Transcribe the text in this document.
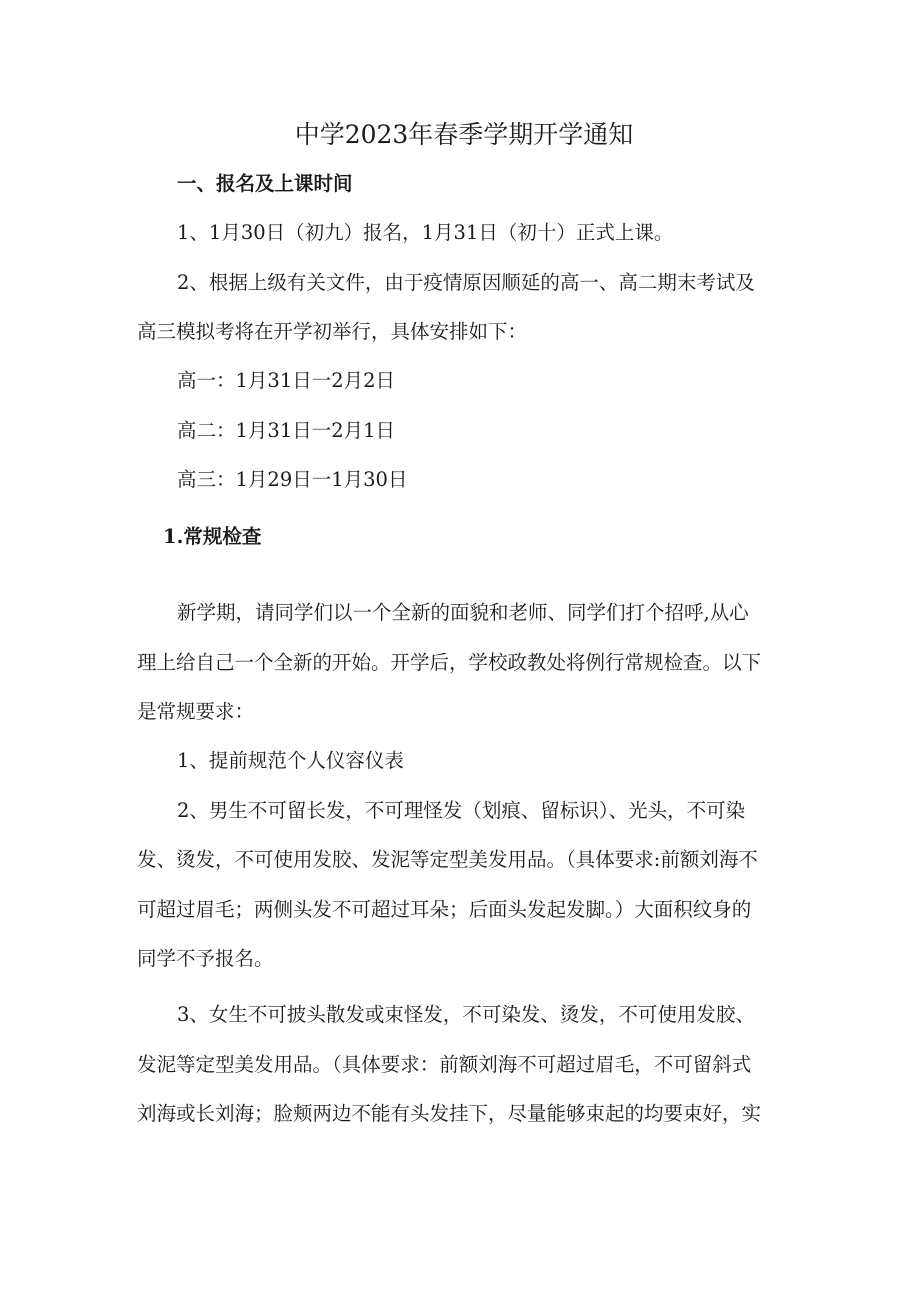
中学2023年春季学期开学通知

一、报名及上课时间

1、1月30日（初九）报名，1月31日（初十）正式上课。

2、根据上级有关文件，由于疫情原因顺延的高一、高二期末考试及

高三模拟考将在开学初举行，具体安排如下：

高一：1月31日一2月2日

高二：1月31日一2月1日

高三：1月29日一1月30日

1.常规检查

新学期，请同学们以一个全新的面貌和老师、同学们打个招呼,从心

理上给自己一个全新的开始。开学后，学校政教处将例行常规检查。以下

是常规要求：

1、提前规范个人仪容仪表

2、男生不可留长发，不可理怪发（划痕、留标识）、光头，不可染

发、烫发，不可使用发胶、发泥等定型美发用品。（具体要求:前额刘海不

可超过眉毛；两侧头发不可超过耳朵；后面头发起发脚。）大面积纹身的

同学不予报名。

3、女生不可披头散发或束怪发，不可染发、烫发，不可使用发胶、

发泥等定型美发用品。（具体要求：前额刘海不可超过眉毛，不可留斜式

刘海或长刘海；脸颊两边不能有头发挂下，尽量能够束起的均要束好，实
